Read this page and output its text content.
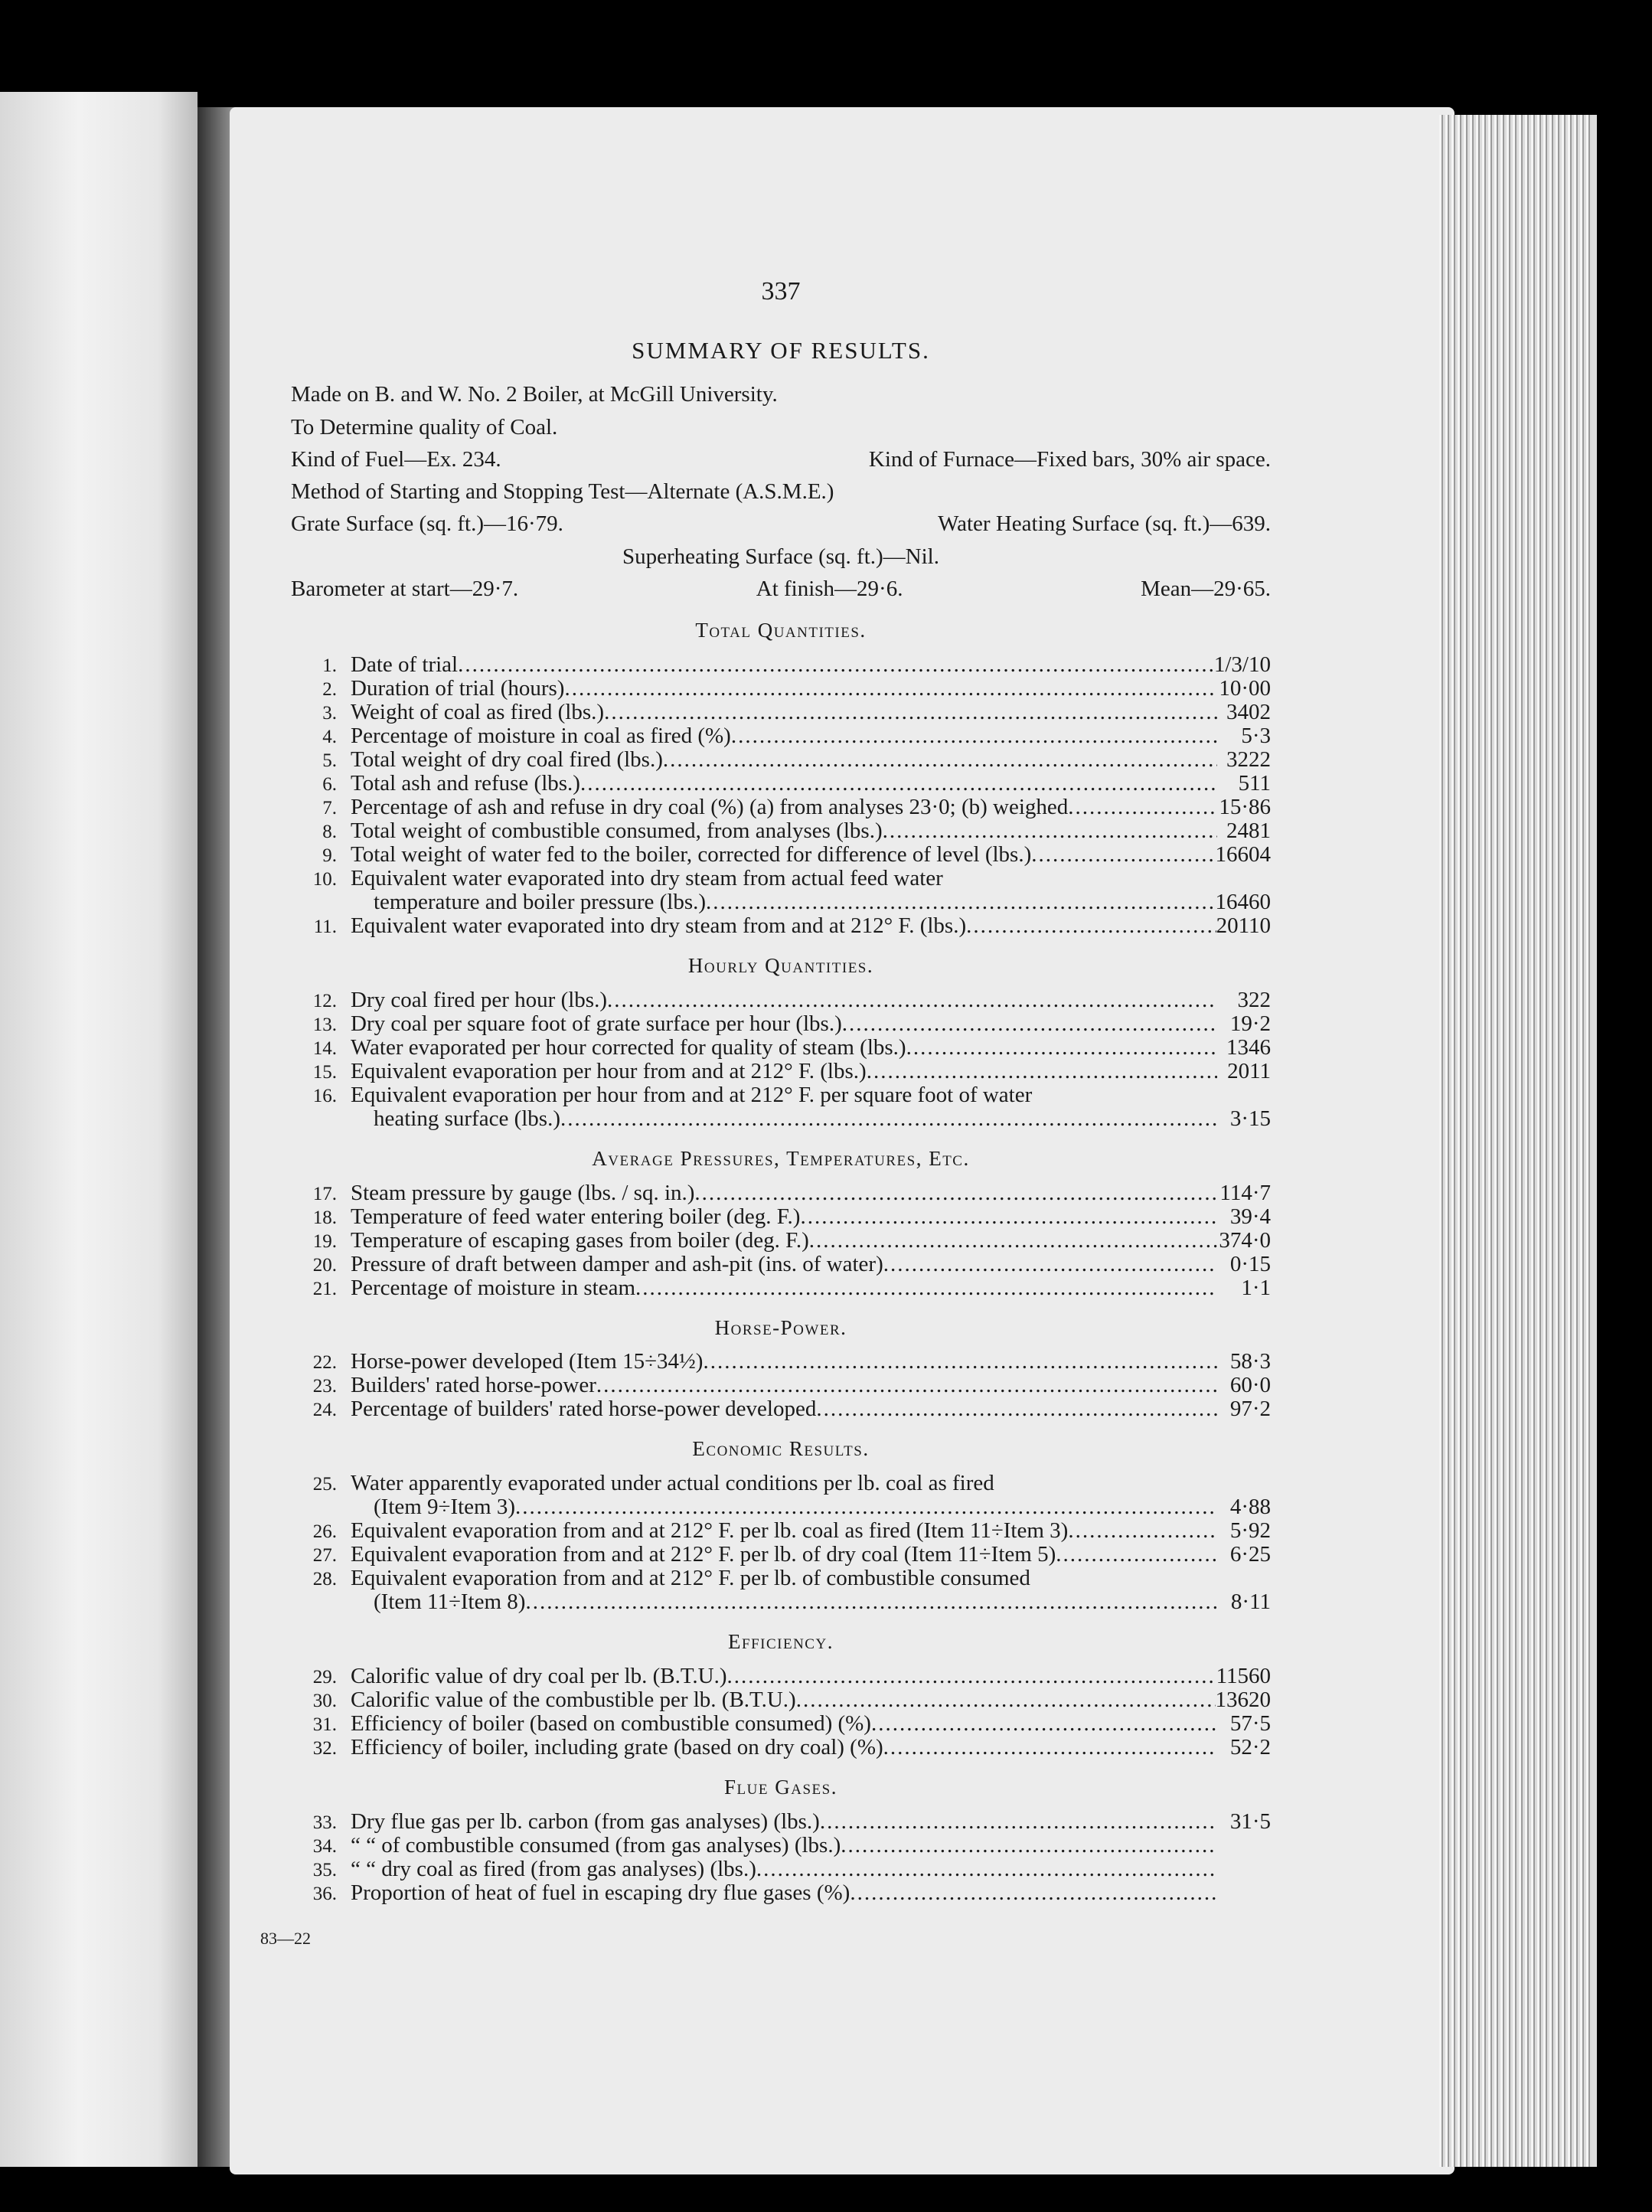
337
SUMMARY OF RESULTS.
Made on B. and W. No. 2 Boiler, at McGill University.
To Determine quality of Coal.
Kind of Fuel—Ex. 234.	Kind of Furnace—Fixed bars, 30% air space.
Method of Starting and Stopping Test—Alternate (A.S.M.E.)
Grate Surface (sq. ft.)—16·79.	Water Heating Surface (sq. ft.)—639.
Superheating Surface (sq. ft.)—Nil.
Barometer at start—29·7.	At finish—29·6.	Mean—29·65.
Total Quantities.
1. Date of trial .....	1/3/10
2. Duration of trial (hours) .....	10·00
3. Weight of coal as fired (lbs.) .....	3402
4. Percentage of moisture in coal as fired (%) .....	5·3
5. Total weight of dry coal fired (lbs.) .....	3222
6. Total ash and refuse (lbs.) .....	511
7. Percentage of ash and refuse in dry coal (%) (a) from analyses 23·0; (b) weighed .....	15·86
8. Total weight of combustible consumed, from analyses (lbs.) .....	2481
9. Total weight of water fed to the boiler, corrected for difference of level (lbs.) .....	16604
10. Equivalent water evaporated into dry steam from actual feed water
temperature and boiler pressure (lbs.) .....	16460
11. Equivalent water evaporated into dry steam from and at 212° F. (lbs.) .....	20110
Hourly Quantities.
12. Dry coal fired per hour (lbs.) .....	322
13. Dry coal per square foot of grate surface per hour (lbs.) .....	19·2
14. Water evaporated per hour corrected for quality of steam (lbs.) .....	1346
15. Equivalent evaporation per hour from and at 212° F. (lbs.) .....	2011
16. Equivalent evaporation per hour from and at 212° F. per square foot of water
heating surface (lbs.) .....	3·15
Average Pressures, Temperatures, Etc.
17. Steam pressure by gauge (lbs. / sq. in.) .....	114·7
18. Temperature of feed water entering boiler (deg. F.) .....	39·4
19. Temperature of escaping gases from boiler (deg. F.) .....	374·0
20. Pressure of draft between damper and ash-pit (ins. of water) .....	0·15
21. Percentage of moisture in steam .....	1·1
Horse-Power.
22. Horse-power developed (Item 15÷34½) .....	58·3
23. Builders' rated horse-power .....	60·0
24. Percentage of builders' rated horse-power developed .....	97·2
Economic Results.
25. Water apparently evaporated under actual conditions per lb. coal as fired
(Item 9÷Item 3) .....	4·88
26. Equivalent evaporation from and at 212° F. per lb. coal as fired (Item 11÷Item 3) .....	5·92
27. Equivalent evaporation from and at 212° F. per lb. of dry coal (Item 11÷Item 5) .....	6·25
28. Equivalent evaporation from and at 212° F. per lb. of combustible consumed
(Item 11÷Item 8) .....	8·11
Efficiency.
29. Calorific value of dry coal per lb. (B.T.U.) .....	11560
30. Calorific value of the combustible per lb. (B.T.U.) .....	13620
31. Efficiency of boiler (based on combustible consumed) (%) .....	57·5
32. Efficiency of boiler, including grate (based on dry coal) (%) .....	52·2
Flue Gases.
33. Dry flue gas per lb. carbon (from gas analyses) (lbs.) .....	31·5
34. “ “ of combustible consumed (from gas analyses) (lbs.)
.....
35. “ “ dry coal as fired (from gas analyses) (lbs.)
.....
36. Proportion of heat of fuel in escaping dry flue gases (%)
.....
83—22
